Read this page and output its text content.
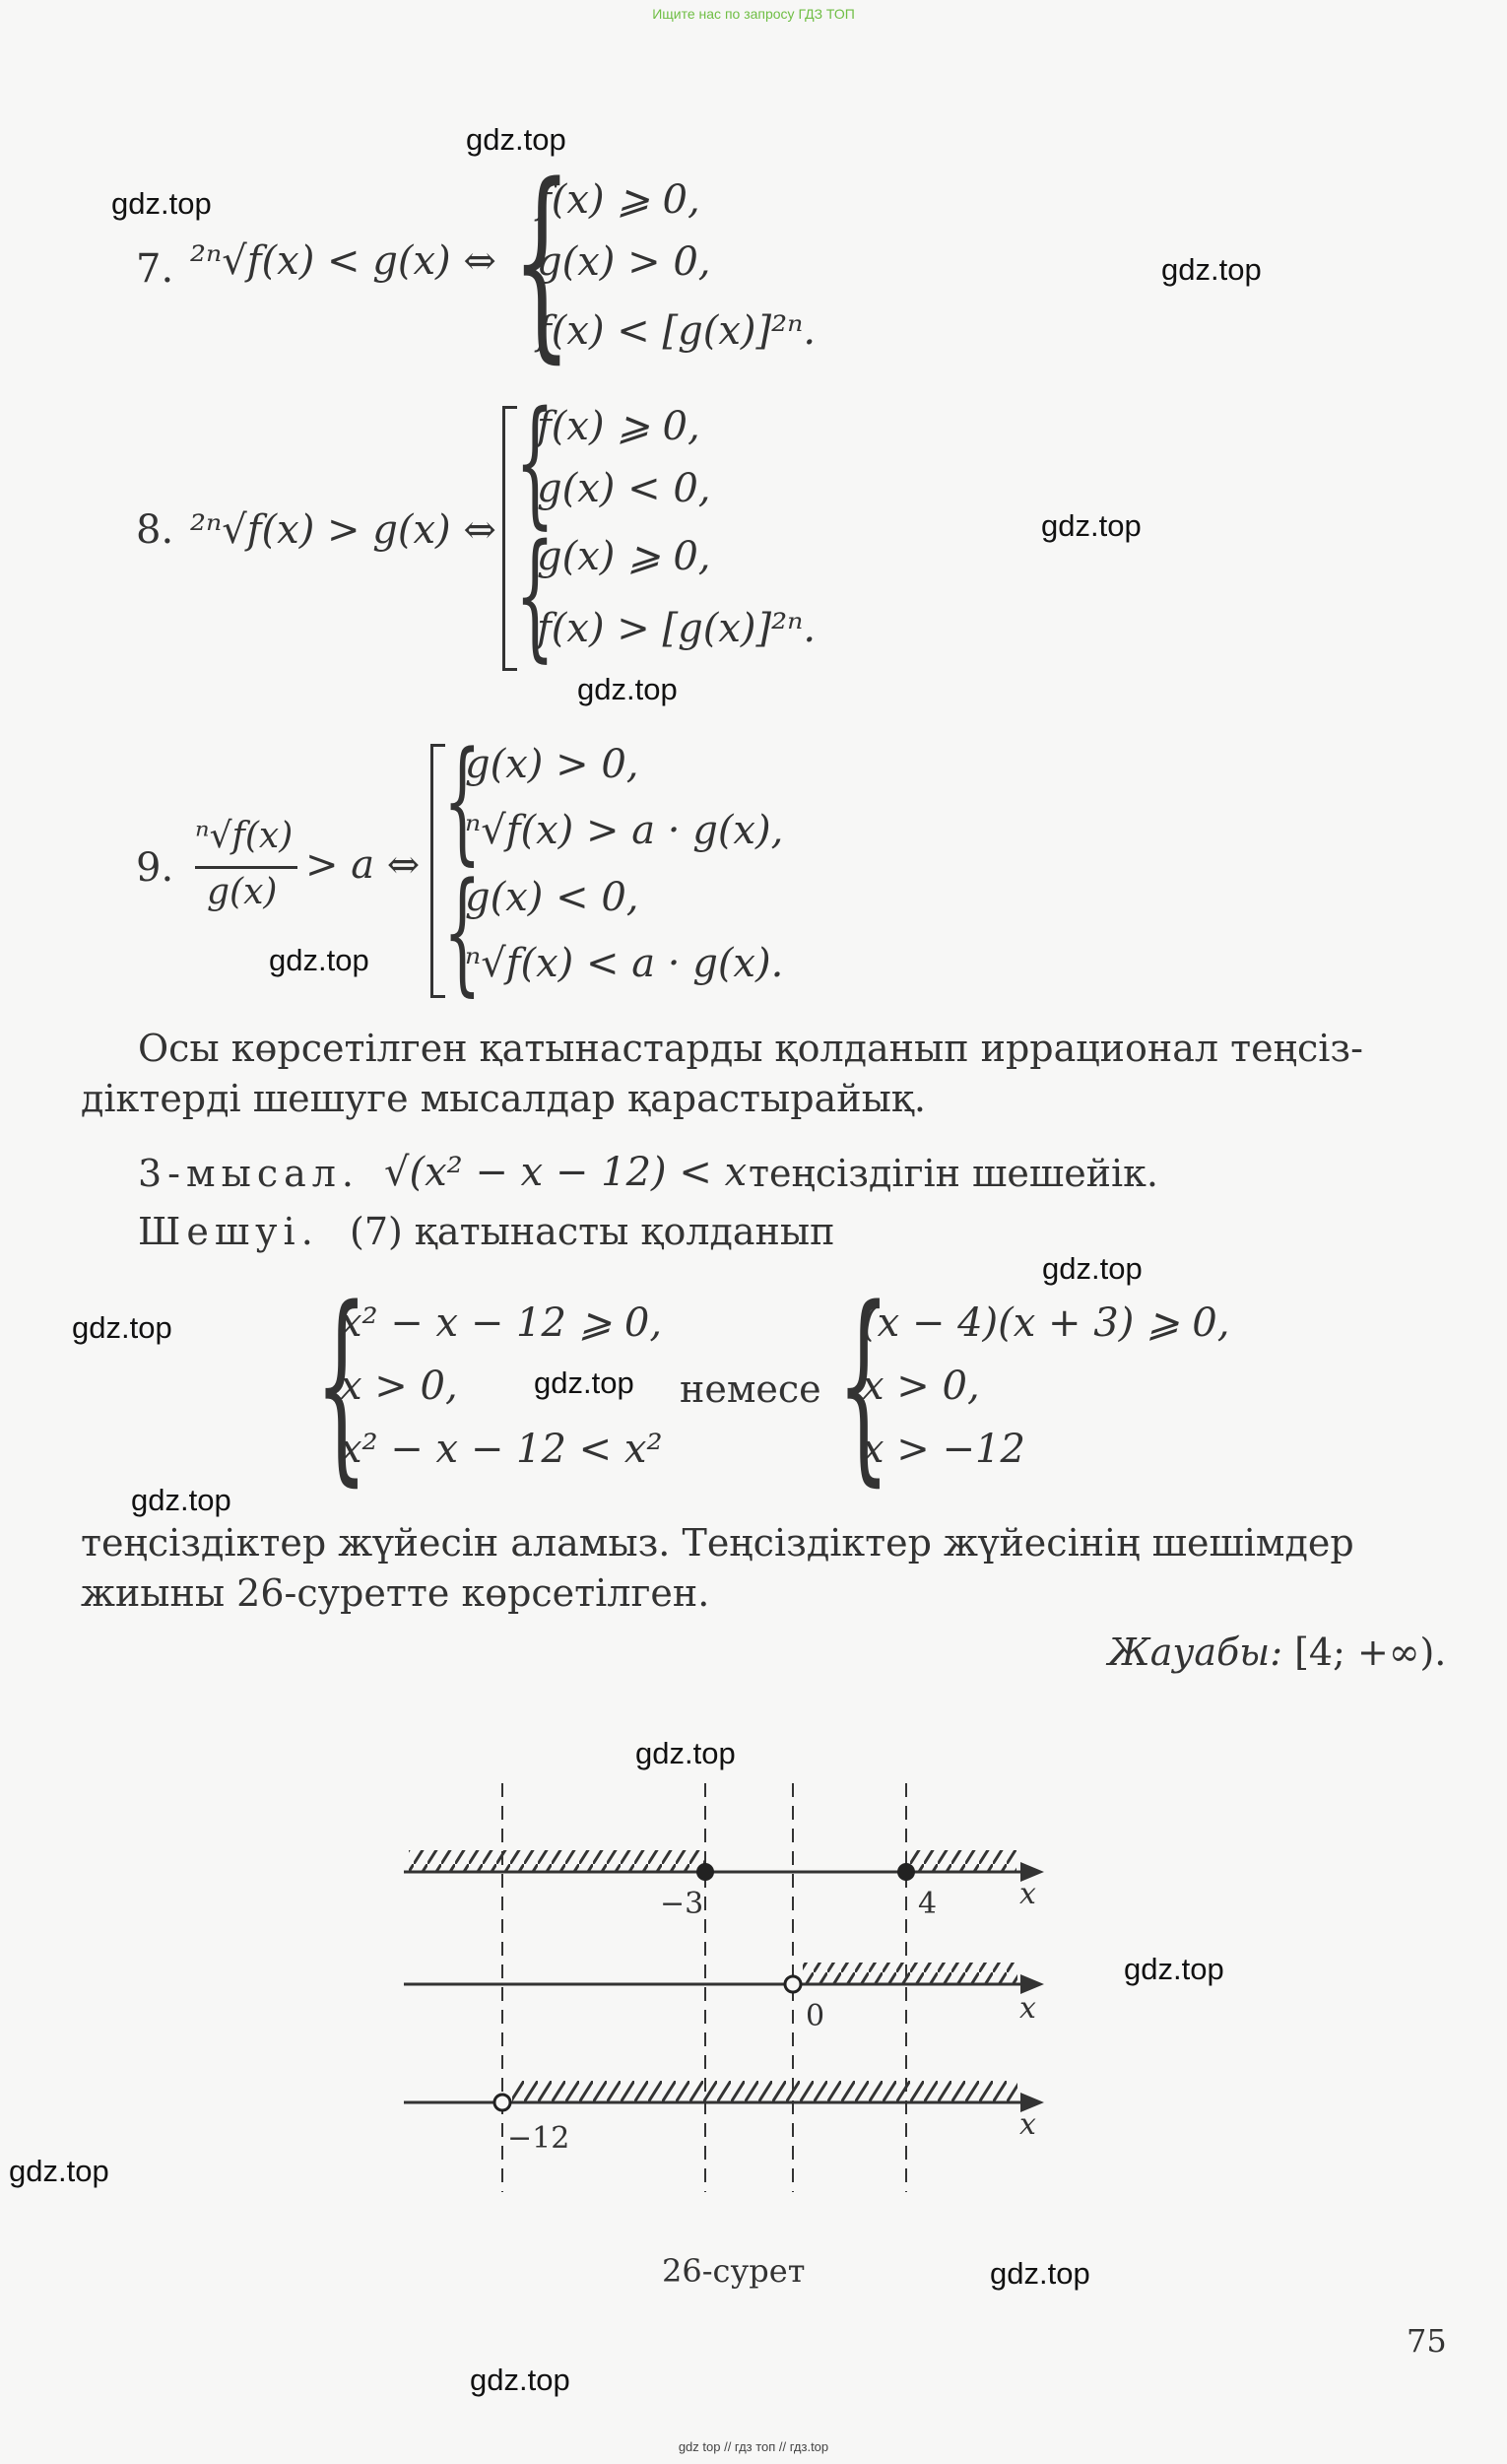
Ищите нас по запросу ГДЗ ТОП
7. ²ⁿ√f(x) < g(x) ⇔ {
f(x) ⩾ 0,
g(x) > 0,
f(x) < [g(x)]²ⁿ.
8. ²ⁿ√f(x) > g(x) ⇔ {
{
f(x) ⩾ 0,
g(x) < 0,
g(x) ⩾ 0,
f(x) > [g(x)]²ⁿ.
9.
ⁿ√f(x)
g(x)
> a ⇔ {
{
g(x) > 0,
ⁿ√f(x) > a · g(x),
g(x) < 0,
ⁿ√f(x) < a · g(x).
Осы көрсетілген қатынастарды қолданып иррационал теңсіз-
діктерді шешуге мысалдар қарастырайық.
3-мысал. √(x² − x − 12) < x теңсіздігін шешейік.
Шешуі. (7) қатынасты қолданып
{
x² − x − 12 ⩾ 0,
x > 0,
x² − x − 12 < x²
немесе {
(x − 4)(x + 3) ⩾ 0,
x > 0,
x > −12
теңсіздіктер жүйесін аламыз. Теңсіздіктер жүйесінің шешімдер
жиыны 26-суретте көрсетілген.
Жауабы: [4; +∞).
−3	4	x
0	x
−12	x
26-сурет
75
gdz.top
gdz.top
gdz.top
gdz.top
gdz.top
gdz.top
gdz.top
gdz.top
gdz.top
gdz.top
gdz.top
gdz.top
gdz.top
gdz.top
gdz.top
gdz top // гдз топ // гдз.top
